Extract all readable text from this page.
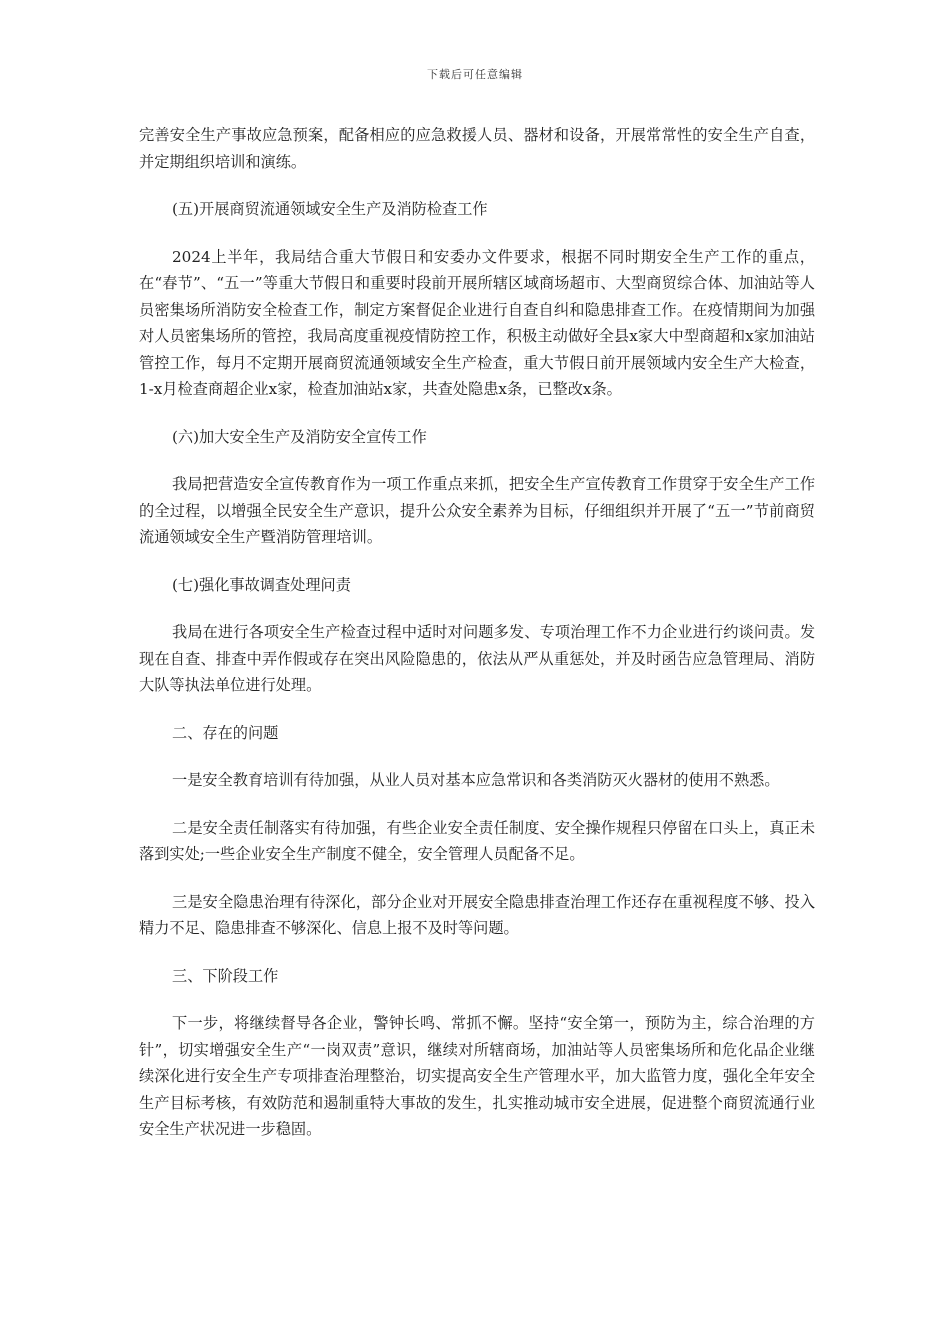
下载后可任意编辑

完善安全生产事故应急预案，配备相应的应急救援人员、器材和设备，开展常常性的安全生产自查，并定期组织培训和演练。

(五)开展商贸流通领域安全生产及消防检查工作

2024上半年，我局结合重大节假日和安委办文件要求，根据不同时期安全生产工作的重点，在“春节”、“五一”等重大节假日和重要时段前开展所辖区域商场超市、大型商贸综合体、加油站等人员密集场所消防安全检查工作，制定方案督促企业进行自查自纠和隐患排查工作。在疫情期间为加强对人员密集场所的管控，我局高度重视疫情防控工作，积极主动做好全县x家大中型商超和x家加油站管控工作，每月不定期开展商贸流通领域安全生产检查，重大节假日前开展领域内安全生产大检查，1-x月检查商超企业x家，检查加油站x家，共查处隐患x条，已整改x条。

(六)加大安全生产及消防安全宣传工作

我局把营造安全宣传教育作为一项工作重点来抓，把安全生产宣传教育工作贯穿于安全生产工作的全过程，以增强全民安全生产意识，提升公众安全素养为目标，仔细组织并开展了“五一”节前商贸流通领域安全生产暨消防管理培训。

(七)强化事故调查处理问责

我局在进行各项安全生产检查过程中适时对问题多发、专项治理工作不力企业进行约谈问责。发现在自查、排查中弄作假或存在突出风险隐患的，依法从严从重惩处，并及时函告应急管理局、消防大队等执法单位进行处理。

二、存在的问题

一是安全教育培训有待加强，从业人员对基本应急常识和各类消防灭火器材的使用不熟悉。

二是安全责任制落实有待加强，有些企业安全责任制度、安全操作规程只停留在口头上，真正未落到实处;一些企业安全生产制度不健全，安全管理人员配备不足。

三是安全隐患治理有待深化，部分企业对开展安全隐患排查治理工作还存在重视程度不够、投入精力不足、隐患排查不够深化、信息上报不及时等问题。

三、下阶段工作

下一步，将继续督导各企业，警钟长鸣、常抓不懈。坚持“安全第一，预防为主，综合治理的方针”，切实增强安全生产“一岗双责”意识，继续对所辖商场，加油站等人员密集场所和危化品企业继续深化进行安全生产专项排查治理整治，切实提高安全生产管理水平，加大监管力度，强化全年安全生产目标考核，有效防范和遏制重特大事故的发生，扎实推动城市安全进展，促进整个商贸流通行业安全生产状况进一步稳固。
